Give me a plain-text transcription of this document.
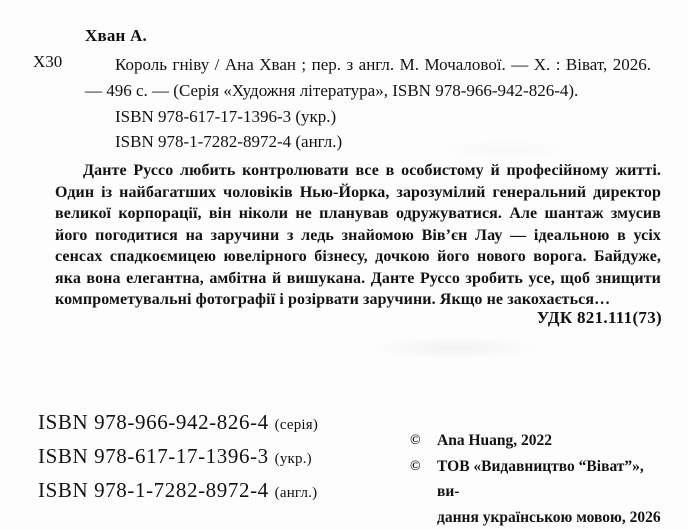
Хван А.
Х30	Король гніву / Ана Хван ; пер. з англ. М. Мочалової. — Х. : Віват, 2026. — 496 с. — (Серія «Художня література», ISBN 978-966-942-826-4).
ISBN 978-617-17-1396-3 (укр.)
ISBN 978-1-7282-8972-4 (англ.)
Данте Руссо любить контролювати все в особистому й професійному житті. Один із найбагатших чоловіків Нью-Йорка, зарозумілий генеральний директор великої корпорації, він ніколи не планував одружуватися. Але шантаж змусив його погодитися на заручини з ледь знайомою Вів’єн Лау — ідеальною в усіх сенсах спадкоємицею ювелірного бізнесу, дочкою його нового ворога. Байдуже, яка вона елегантна, амбітна й вишукана. Данте Руссо зробить усе, щоб знищити компрометувальні фотографії і розірвати заручини. Якщо не закохається…
УДК 821.111(73)
ISBN 978-966-942-826-4 (серія)
ISBN 978-617-17-1396-3 (укр.)
ISBN 978-1-7282-8972-4 (англ.)
©	Ana Huang, 2022
©	ТОВ «Видавництво “Віват”», ви-
дання українською мовою, 2026
